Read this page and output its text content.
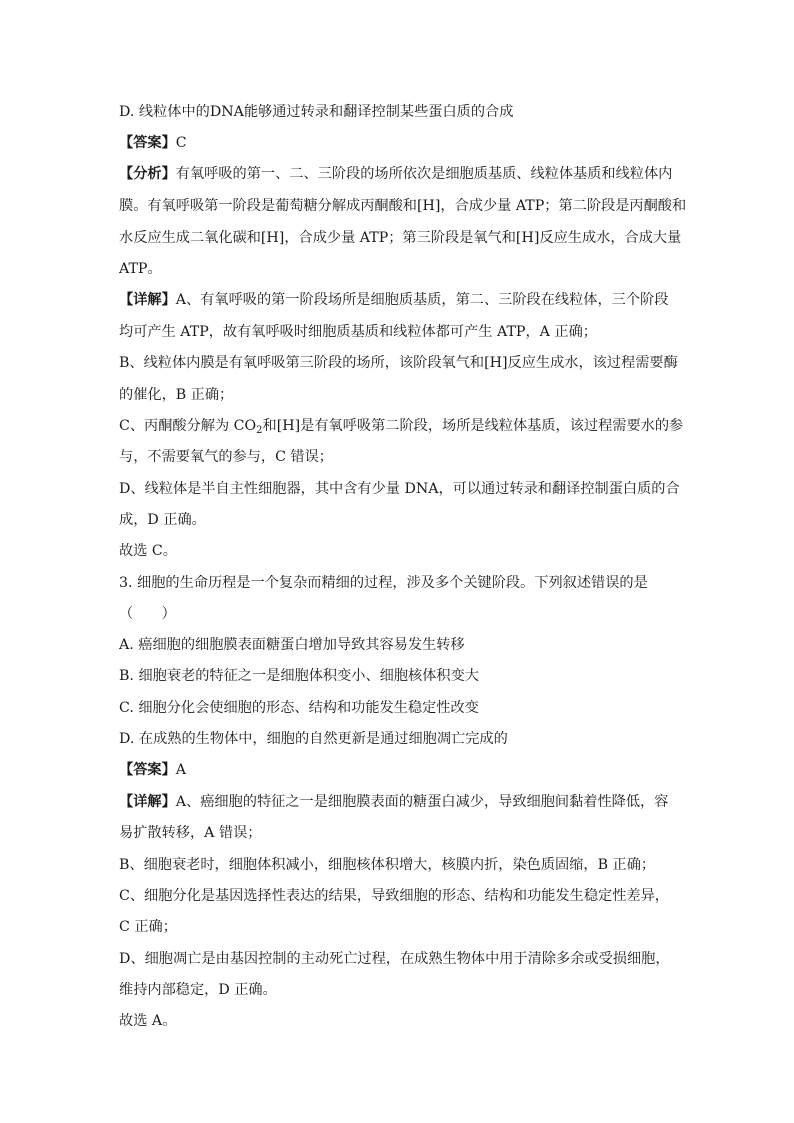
D. 线粒体中的DNA能够通过转录和翻译控制某些蛋白质的合成
【答案】C
【分析】有氧呼吸的第一、二、三阶段的场所依次是细胞质基质、线粒体基质和线粒体内
膜。有氧呼吸第一阶段是葡萄糖分解成丙酮酸和[H]，合成少量 ATP；第二阶段是丙酮酸和
水反应生成二氧化碳和[H]，合成少量 ATP；第三阶段是氧气和[H]反应生成水，合成大量
ATP。
【详解】A、有氧呼吸的第一阶段场所是细胞质基质，第二、三阶段在线粒体，三个阶段
均可产生 ATP，故有氧呼吸时细胞质基质和线粒体都可产生 ATP，A 正确；
B、线粒体内膜是有氧呼吸第三阶段的场所，该阶段氧气和[H]反应生成水，该过程需要酶
的催化，B 正确；
C、丙酮酸分解为 $CO_2$和[H]是有氧呼吸第二阶段，场所是线粒体基质，该过程需要水的参
与，不需要氧气的参与，C 错误；
D、线粒体是半自主性细胞器，其中含有少量 DNA，可以通过转录和翻译控制蛋白质的合
成，D 正确。
故选 C。
3. 细胞的生命历程是一个复杂而精细的过程，涉及多个关键阶段。下列叙述错误的是
（　　）
A. 癌细胞的细胞膜表面糖蛋白增加导致其容易发生转移
B. 细胞衰老的特征之一是细胞体积变小、细胞核体积变大
C. 细胞分化会使细胞的形态、结构和功能发生稳定性改变
D. 在成熟的生物体中，细胞的自然更新是通过细胞凋亡完成的
【答案】A
【详解】A、癌细胞的特征之一是细胞膜表面的糖蛋白减少，导致细胞间黏着性降低，容
易扩散转移，A 错误；
B、细胞衰老时，细胞体积减小，细胞核体积增大，核膜内折，染色质固缩，B 正确；
C、细胞分化是基因选择性表达的结果，导致细胞的形态、结构和功能发生稳定性差异，
C 正确；
D、细胞凋亡是由基因控制的主动死亡过程，在成熟生物体中用于清除多余或受损细胞，
维持内部稳定，D 正确。
故选 A。
